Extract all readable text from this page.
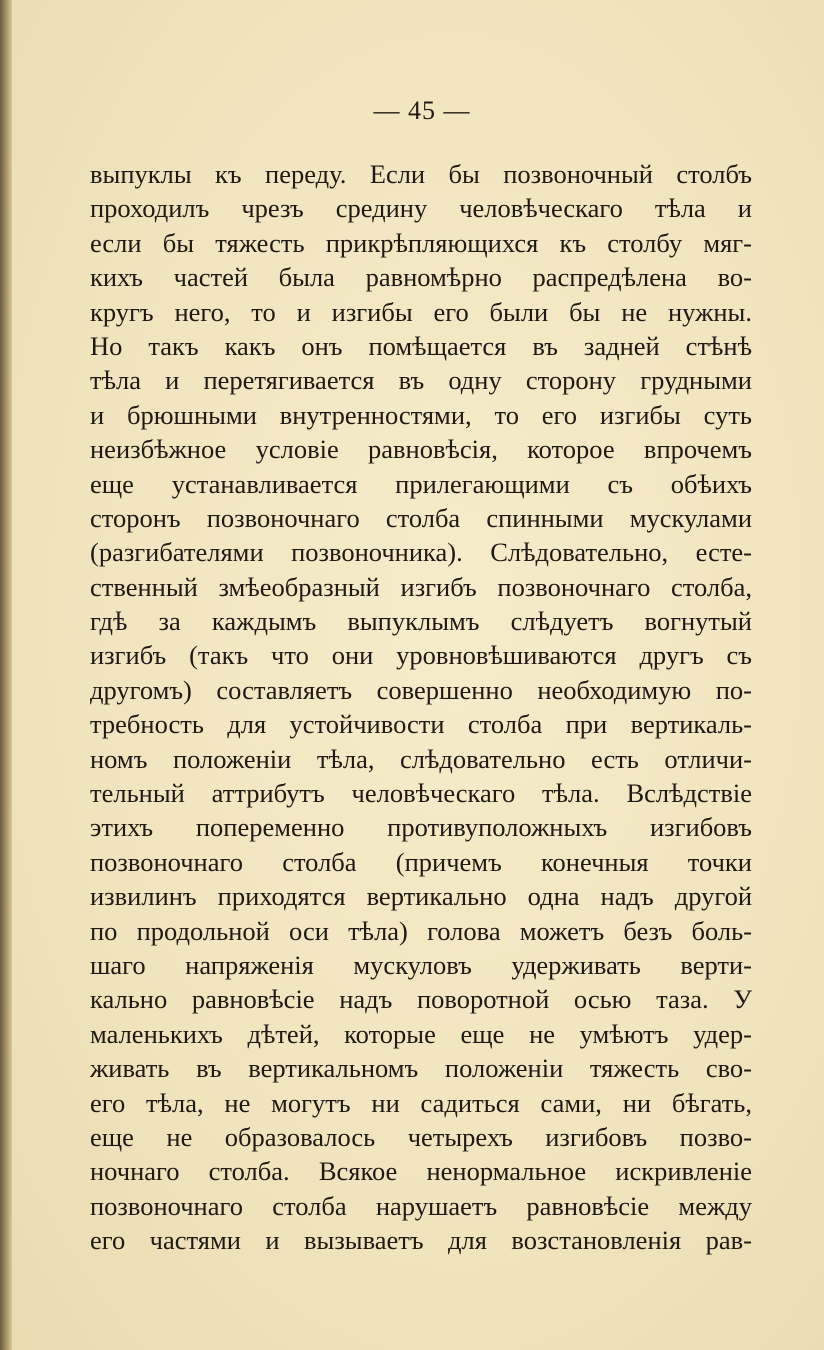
— 45 —
выпуклы къ переду. Если бы позвоночный столбъ
проходилъ чрезъ средину человѣческаго тѣла и
если бы тяжесть прикрѣпляющихся къ столбу мяг-
кихъ частей была равномѣрно распредѣлена во-
кругъ него, то и изгибы его были бы не нужны.
Но такъ какъ онъ помѣщается въ задней стѣнѣ
тѣла и перетягивается въ одну сторону грудными
и брюшными внутренностями, то его изгибы суть
неизбѣжное условіе равновѣсія, которое впрочемъ
еще устанавливается прилегающими съ обѣихъ
сторонъ позвоночнаго столба спинными мускулами
(разгибателями позвоночника). Слѣдовательно, есте-
ственный змѣеобразный изгибъ позвоночнаго столба,
гдѣ за каждымъ выпуклымъ слѣдуетъ вогнутый
изгибъ (такъ что они уровновѣшиваются другъ съ
другомъ) составляетъ совершенно необходимую по-
требность для устойчивости столба при вертикаль-
номъ положеніи тѣла, слѣдовательно есть отличи-
тельный аттрибутъ человѣческаго тѣла. Вслѣдствіе
этихъ попеременно противуположныхъ изгибовъ
позвоночнаго столба (причемъ конечныя точки
извилинъ приходятся вертикально одна надъ другой
по продольной оси тѣла) голова можетъ безъ боль-
шаго напряженія мускуловъ удерживать верти-
кально равновѣсіе надъ поворотной осью таза. У
маленькихъ дѣтей, которые еще не умѣютъ удер-
живать въ вертикальномъ положеніи тяжесть сво-
его тѣла, не могутъ ни садиться сами, ни бѣгать,
еще не образовалось четырехъ изгибовъ позво-
ночнаго столба. Всякое ненормальное искривленіе
позвоночнаго столба нарушаетъ равновѣсіе между
его частями и вызываетъ для возстановленія рав-
